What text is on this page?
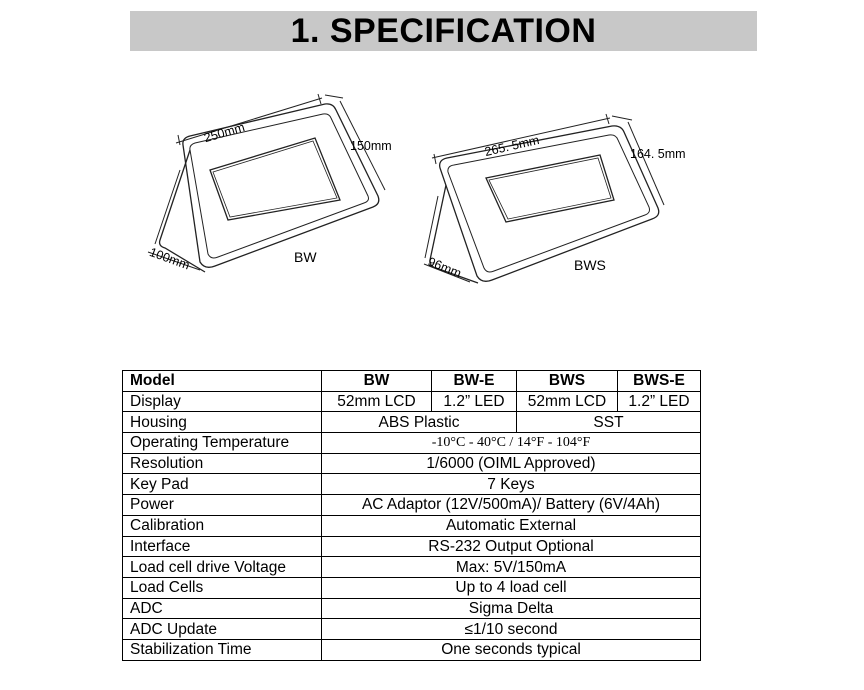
1. SPECIFICATION
250mm
150mm
100mm	BW
265. 5mm	164. 5mm
96mm	BWS
Model	BW	BW-E	BWS	BWS-E
Display	52mm LCD	1.2” LED	52mm LCD	1.2” LED
Housing	ABS Plastic		SST	
Operating Temperature	-10°C - 40°C / 14°F - 104°F			
Resolution	1/6000 (OIML Approved)			
Key Pad	7 Keys			
Power	AC Adaptor (12V/500mA)/ Battery (6V/4Ah)			
Calibration	Automatic External			
Interface	RS-232 Output Optional			
Load cell drive Voltage	Max: 5V/150mA			
Load Cells	Up to 4 load cell			
ADC	Sigma Delta			
ADC Update	≤1/10 second			
Stabilization Time	One seconds typical			
